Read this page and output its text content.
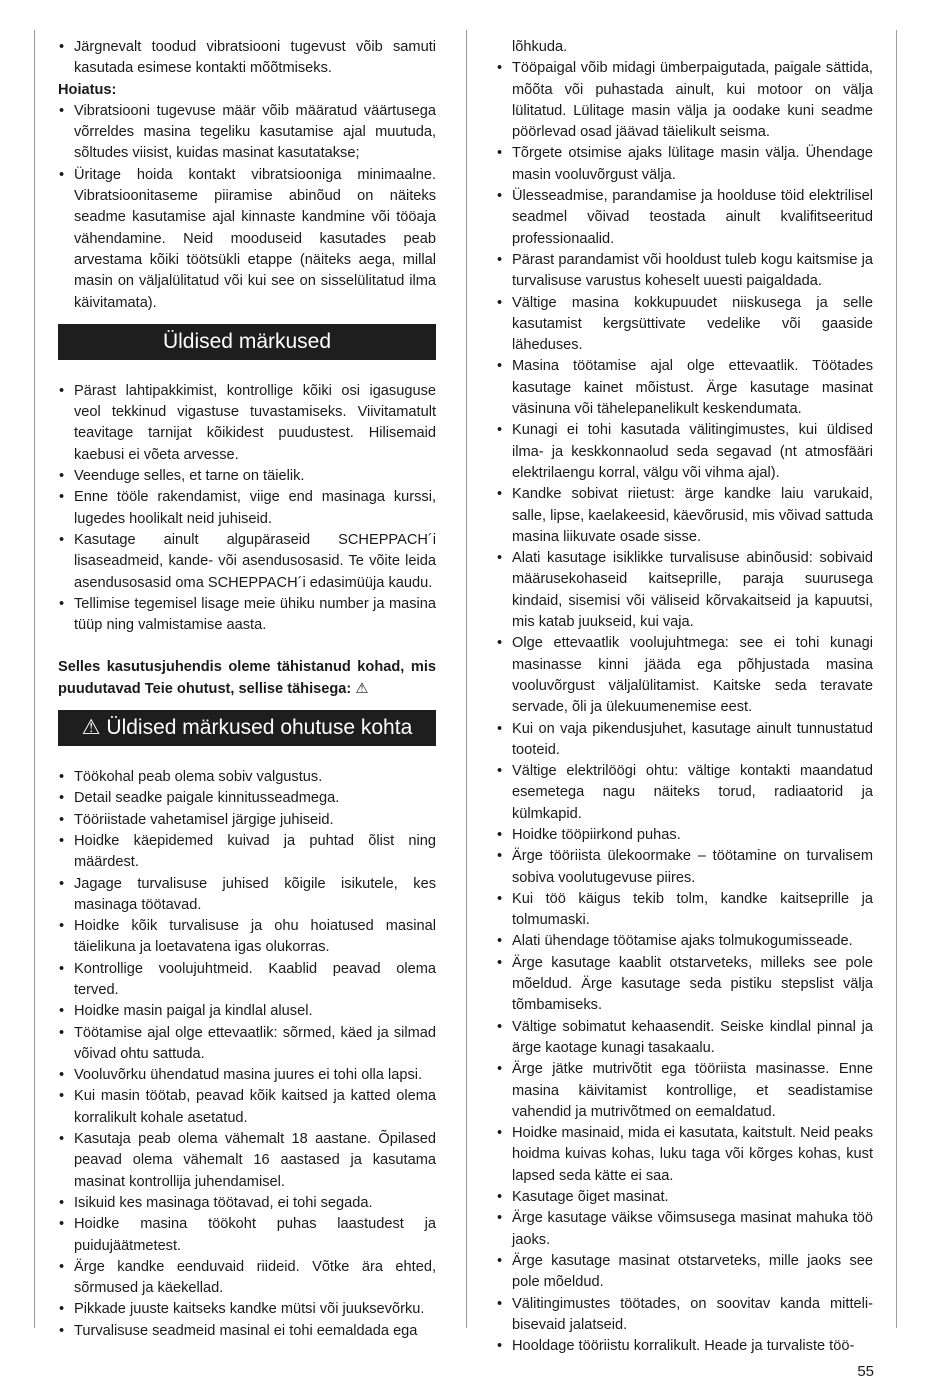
• Järgnevalt toodud vibratsiooni tugevust võib samuti kasutada esimese kontakti mõõtmiseks.

Hoiatus:

• Vibratsiooni tugevuse määr võib määratud väärtusega võrreldes masina tegeliku kasutamise ajal muutuda, sõltudes viisist, kuidas masinat kasutatakse;
• Üritage hoida kontakt vibratsiooniga minimaalne. Vibratsioonitaseme piiramise abinõud on näiteks seadme kasutamise ajal kinnaste kandmine või tööaja vähendamine. Neid mooduseid kasutades peab arvestama kõiki töötsükli etappe (näiteks aega, millal masin on väljalülitatud või kui see on sisselülitatud ilma käivitamata).
Üldised märkused
• Pärast lahtipakkimist, kontrollige kõiki osi igasuguse veol tekkinud vigastuse tuvastamiseks. Viivitamatult teavitage tarnijat kõikidest puudustest. Hilisemaid kaebusi ei võeta arvesse.
• Veenduge selles, et tarne on täielik.
• Enne tööle rakendamist, viige end masinaga kurssi, lugedes hoolikalt neid juhiseid.
• Kasutage ainult algupäraseid SCHEPPACH´i lisaseadmeid, kande- või asendusosasid. Te võite leida asendusosasid oma SCHEPPACH´i edasimüüja kaudu.
• Tellimise tegemisel lisage meie ühiku number ja masina tüüp ning valmistamise aasta.

Selles kasutusjuhendis oleme tähistanud kohad, mis puudutavad Teie ohutust, sellise tähisega: ⚠

⚠ Üldised märkused ohutuse kohta
• Töökohal peab olema sobiv valgustus.
• Detail seadke paigale kinnitusseadmega.
• Tööriistade vahetamisel järgige juhiseid.
• Hoidke käepidemed kuivad ja puhtad õlist ning määrdest.
• Jagage turvalisuse juhised kõigile isikutele, kes masinaga töötavad.
• Hoidke kõik turvalisuse ja ohu hoiatused masinal täielikuna ja loetavatena igas olukorras.
• Kontrollige voolujuhtmeid. Kaablid peavad olema terved.
• Hoidke masin paigal ja kindlal alusel.
• Töötamise ajal olge ettevaatlik: sõrmed, käed ja silmad võivad ohtu sattuda.
• Vooluvõrku ühendatud masina juures ei tohi olla lapsi.
• Kui masin töötab, peavad kõik kaitsed ja katted olema korralikult kohale asetatud.
• Kasutaja peab olema vähemalt 18 aastane. Õpilased peavad olema vähemalt 16 aastased ja kasutama masinat kontrollija juhendamisel.
• Isikuid kes masinaga töötavad, ei tohi segada.
• Hoidke masina töökoht puhas laastudest ja puidujäätmetest.
• Ärge kandke eenduvaid riideid. Võtke ära ehted, sõrmused ja käekellad.
• Pikkade juuste kaitseks kandke mütsi või juuksevõrku.
• Turvalisuse seadmeid masinal ei tohi eemaldada ega

lõhkuda.

• Tööpaigal võib midagi ümberpaigutada, paigale sättida, mõõta või puhastada ainult, kui motoor on välja lülitatud. Lülitage masin välja ja oodake kuni seadme pöörlevad osad jäävad täielikult seisma.
• Tõrgete otsimise ajaks lülitage masin välja. Ühendage masin vooluvõrgust välja.
• Ülesseadmise, parandamise ja hoolduse töid elektrilisel seadmel võivad teostada ainult kvalifitseeritud professionaalid.
• Pärast parandamist või hooldust tuleb kogu kaitsmise ja turvalisuse varustus koheselt uuesti paigaldada.
• Vältige masina kokkupuudet niiskusega ja selle kasutamist kergsüttivate vedelike või gaaside läheduses.
• Masina töötamise ajal olge ettevaatlik. Töötades kasutage kainet mõistust. Ärge kasutage masinat väsinuna või tähelepanelikult keskendumata.
• Kunagi ei tohi kasutada välitingimustes, kui üldised ilma- ja keskkonnaolud seda segavad (nt atmosfääri elektrilaengu korral, välgu või vihma ajal).
• Kandke sobivat riietust: ärge kandke laiu varukaid, salle, lipse, kaelakeesid, käevõrusid, mis võivad sattuda masina liikuvate osade sisse.
• Alati kasutage isiklikke turvalisuse abinõusid: sobivaid määrusekohaseid kaitseprille, paraja suurusega kindaid, sisemisi või väliseid kõrvakaitseid ja kapuutsi, mis katab juukseid, kui vaja.
• Olge ettevaatlik voolujuhtmega: see ei tohi kunagi masinasse kinni jääda ega põhjustada masina vooluvõrgust väljalülitamist. Kaitske seda teravate servade, õli ja ülekuumenemise eest.
• Kui on vaja pikendusjuhet, kasutage ainult tunnustatud tooteid.
• Vältige elektrilöögi ohtu: vältige kontakti maandatud esemetega nagu näiteks torud, radiaatorid ja külmkapid.
• Hoidke tööpiirkond puhas.
• Ärge tööriista ülekoormake – töötamine on turvalisem sobiva voolutugevuse piires.
• Kui töö käigus tekib tolm, kandke kaitseprille ja tolmumaski.
• Alati ühendage töötamise ajaks tolmukogumisseade.
• Ärge kasutage kaablit otstarveteks, milleks see pole mõeldud. Ärge kasutage seda pistiku stepslist välja tõmbamiseks.
• Vältige sobimatut kehaasendit. Seiske kindlal pinnal ja ärge kaotage kunagi tasakaalu.
• Ärge jätke mutrivõtit ega tööriista masinasse. Enne masina käivitamist kontrollige, et seadistamise vahendid ja mutrivõtmed on eemaldatud.
• Hoidke masinaid, mida ei kasutata, kaitstult. Neid peaks hoidma kuivas kohas, luku taga või kõrges kohas, kust lapsed seda kätte ei saa.
• Kasutage õiget masinat.
• Ärge kasutage väikse võimsusega masinat mahuka töö jaoks.
• Ärge kasutage masinat otstarveteks, mille jaoks see pole mõeldud.
• Välitingimustes töötades, on soovitav kanda mittelibisevaid jalatseid.
• Hooldage tööriistu korralikult. Heade ja turvaliste töö-
55
